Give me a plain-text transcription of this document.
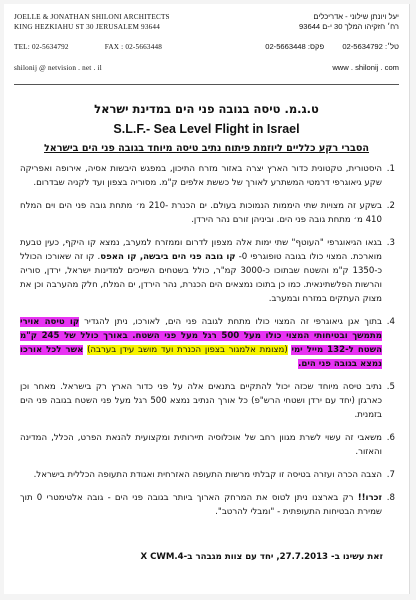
JOELLE & JONATHAN SHILONI ARCHITECTS
KING HEZKIAHU ST 30 JERUSALEM 93644
TEL: 02-5634792	FAX : 02-5663448
shilonij @ netvision . net . il
יעל ויונתן שילוני - אדריכלים
רח׳ חזקיהו המלך 30 י-ם 93644
טל׳: 02-5634792  פקס: 02-5663448
www . shilonij . com
ט.ג.מ. טיסה בגובה פני הים במדינת ישראל
S.L.F.- Sea Level Flight in Israel
הסברי רקע כלליים ליוזמת פיתוח נתיב טיסה מיוחד בגובה פני הים בישראל
1.
היסטורית, טקטונית כדור הארץ יצרה באזור מזרח התיכון, במפגש היבשות אסיה, אירופה ואפריקה שקע גיאוגרפי דרמטי המשתרע לאורך של כששת אלפים ק"מ. מסוריה בצפון ועד לקניה שבדרום.
2.
בשקע זה מצויות שתי היממות הנמוכות בעולם. ים הכנרת -210 מ׳ מתחת גובה פני הים וים המלח 410 מ׳ מתחת גובה פני הים. וביניהן זורם נהר הירדן.
3.
בגאו הגיאוגרפי "העוטף" שתי ימות אלה מצפון לדרום וממזרח למערב, נמצא קו היקף, כעין טבעת מוארכת. המצוי כולו בגובה טופוגרפי 0- קו גובה פני הים ביבשה, קו האפס. קו זה שאורכו הכולל כ-1350 ק"מ והשטח שבתוכו כ-3000 קמ"ר, כולל בשטחים השייכים למדינות ישראל, ירדן, סוריה והרשות הפלשתינאית. כמו כן בתוכו נמצאים הים הכנרת, נהר הירדן, ים המלח, חלק מהערבה וכן את מצוק העתקים במזרח ובמערב.
4.
בתוך אגן גיאוגרפי זה המצוי כולו מתחת לגובה פני הים, לאורכו, ניתן להגדיר קו טיסה אוירי מתמשך ובטיחותי המצוי כולו מעל 500 רגל מעל פני השטח. באורך כולל של 245 ק"מ השטח ל-132 מייל ימי (מצומת אלמגור בצפון הכנרת ועד מושב עידן בערבה) אשר לכל אורכו נמצא בגובה פני הים.
5.
נתיב טיסה מיוחד שכזה יכול להתקיים בתנאים אלה על פני כדור הארץ רק בישראל. מאחר וכן כארגזן (יחד עם ירדן ושטחי הרש"פ) כל אורך הנתיב נמצא 500 רגל מעל פני השטח בגובה פני הים בזמנית.
6.
משאבי זה עשוי לשרת מגוון רחב של אוכלוסיה תיירותית ומקצועית להנאת הפרט, הכלל, המדינה והאזור.
7.
הצבה הכרה ועזרה בטיסה זו קבלתי מרשות התעופה האזרחית ואגודת התעופה הכללית בישראל.
8.
זכרו!! רק בארצנו ניתן לטוס את המרחק הארוך ביותר בגובה פני הים - גובה אלטימטרי 0 תוך שמירת הבטיחות התעופתית - "ומבלי להרטב".
זאת עשינו ב- 27.7.2013, יחד עם צוות מגבהר ב-X CWM.4
